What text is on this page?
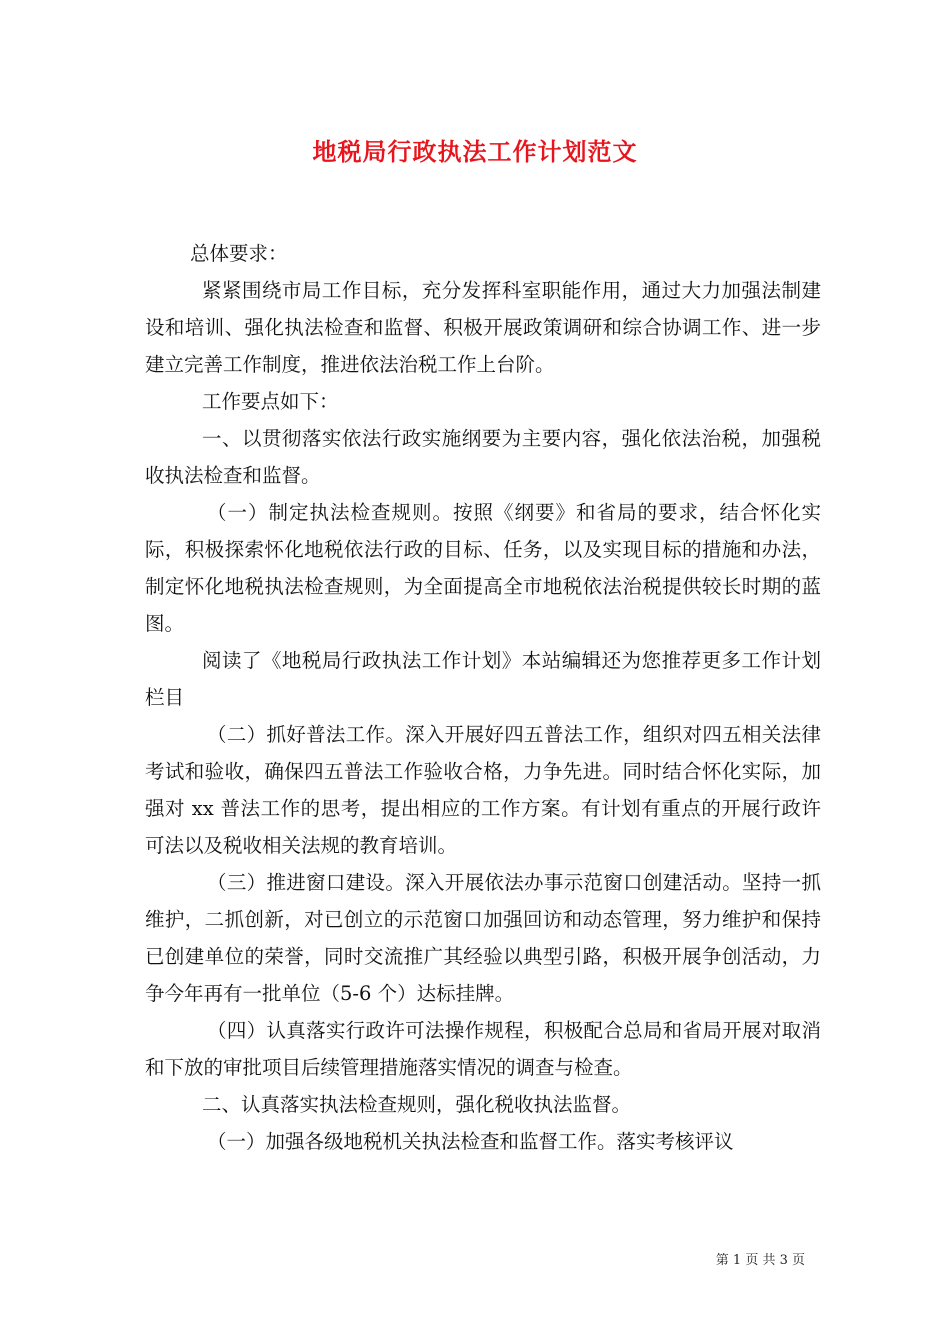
地税局行政执法工作计划范文

总体要求：

紧紧围绕市局工作目标，充分发挥科室职能作用，通过大力加强法制建设和培训、强化执法检查和监督、积极开展政策调研和综合协调工作、进一步建立完善工作制度，推进依法治税工作上台阶。

工作要点如下：

一、以贯彻落实依法行政实施纲要为主要内容，强化依法治税，加强税收执法检查和监督。

（一）制定执法检查规则。按照《纲要》和省局的要求，结合怀化实际，积极探索怀化地税依法行政的目标、任务，以及实现目标的措施和办法，制定怀化地税执法检查规则，为全面提高全市地税依法治税提供较长时期的蓝图。

阅读了《地税局行政执法工作计划》本站编辑还为您推荐更多工作计划栏目

（二）抓好普法工作。深入开展好四五普法工作，组织对四五相关法律考试和验收，确保四五普法工作验收合格，力争先进。同时结合怀化实际，加强对 xx 普法工作的思考，提出相应的工作方案。有计划有重点的开展行政许可法以及税收相关法规的教育培训。

（三）推进窗口建设。深入开展依法办事示范窗口创建活动。坚持一抓维护，二抓创新，对已创立的示范窗口加强回访和动态管理，努力维护和保持已创建单位的荣誉，同时交流推广其经验以典型引路，积极开展争创活动，力争今年再有一批单位（5-6 个）达标挂牌。

（四）认真落实行政许可法操作规程，积极配合总局和省局开展对取消和下放的审批项目后续管理措施落实情况的调查与检查。

二、认真落实执法检查规则，强化税收执法监督。

（一）加强各级地税机关执法检查和监督工作。落实考核评议

第 1 页 共 3 页
